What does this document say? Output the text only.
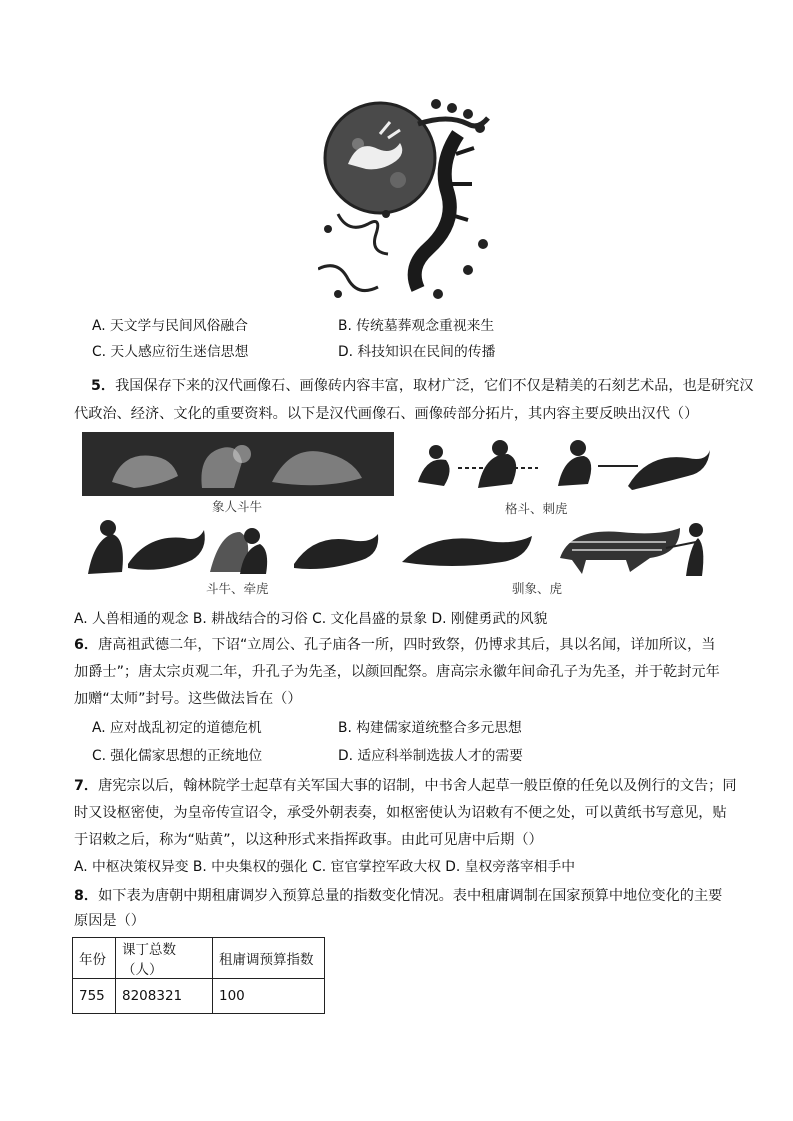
A. 天文学与民间风俗融合	B. 传统墓葬观念重视来生
C. 天人感应衍生迷信思想	D. 科技知识在民间的传播
5．我国保存下来的汉代画像石、画像砖内容丰富，取材广泛，它们不仅是精美的石刻艺术品，也是研究汉
代政治、经济、文化的重要资料。以下是汉代画像石、画像砖部分拓片，其内容主要反映出汉代（）
象人斗牛	格斗、刺虎
斗牛、牵虎	驯象、虎
A. 人兽相通的观念 B. 耕战结合的习俗 C. 文化昌盛的景象 D. 刚健勇武的风貌
6．唐高祖武德二年，下诏“立周公、孔子庙各一所，四时致祭，仍博求其后，具以名闻，详加所议，当
加爵士”；唐太宗贞观二年，升孔子为先圣，以颜回配祭。唐高宗永徽年间命孔子为先圣，并于乾封元年
加赠“太师”封号。这些做法旨在（）
A. 应对战乱初定的道德危机	B. 构建儒家道统整合多元思想
C. 强化儒家思想的正统地位	D. 适应科举制选拔人才的需要
7．唐宪宗以后，翰林院学士起草有关军国大事的诏制，中书舍人起草一般臣僚的任免以及例行的文告；同
时又设枢密使，为皇帝传宣诏令，承受外朝表奏，如枢密使认为诏敕有不便之处，可以黄纸书写意见，贴
于诏敕之后，称为“贴黄”，以这种形式来指挥政事。由此可见唐中后期（）
A. 中枢决策权异变 B. 中央集权的强化 C. 宦官掌控军政大权 D. 皇权旁落宰相手中
8．如下表为唐朝中期租庸调岁入预算总量的指数变化情况。表中租庸调制在国家预算中地位变化的主要
原因是（）
年份	课丁总数（人）	租庸调预算指数
755	8208321	100
